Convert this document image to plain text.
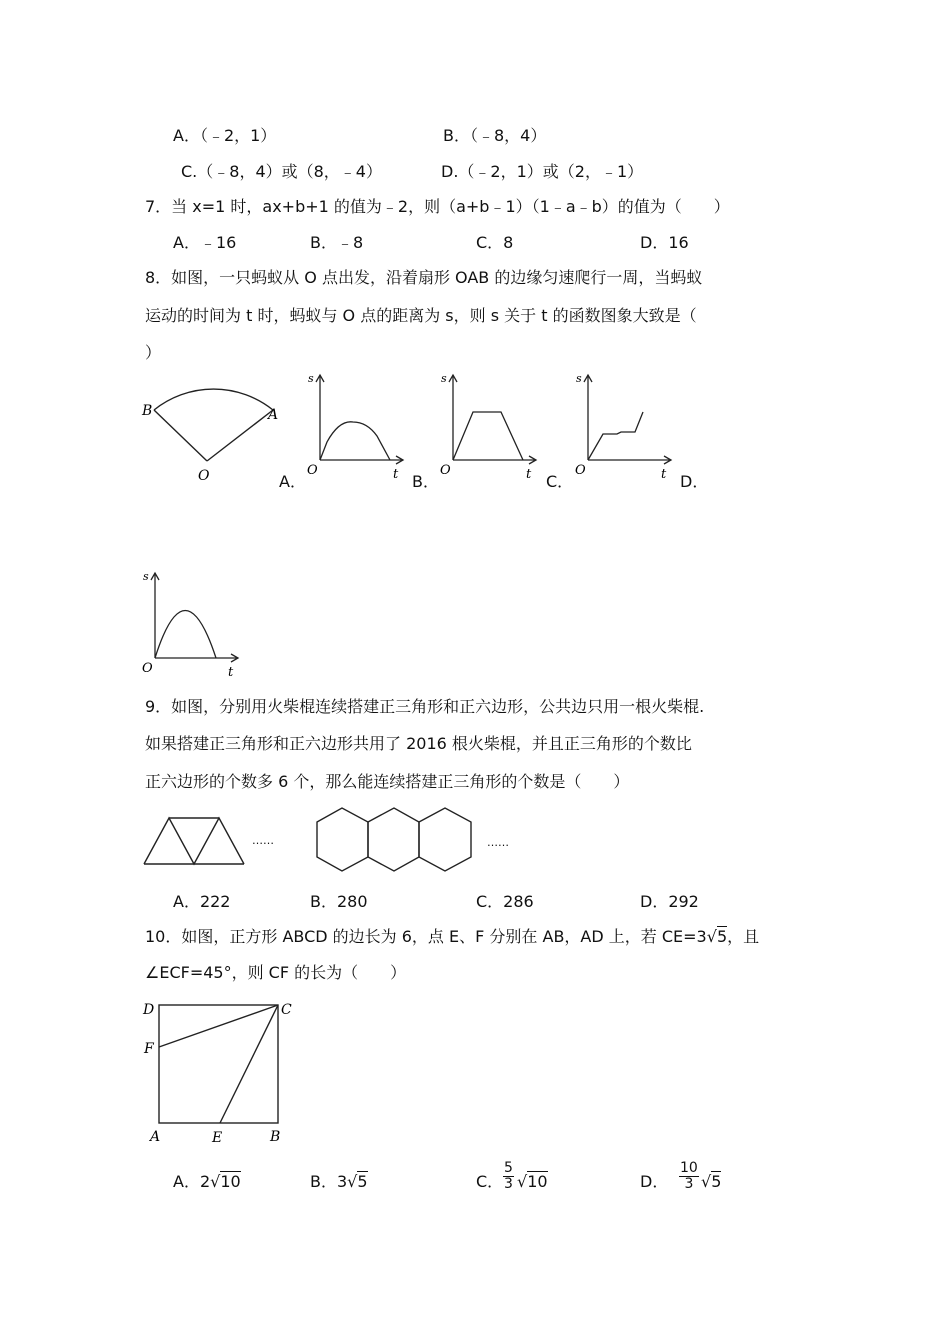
A．（﹣2，1）	B．（﹣8，4）
C.（﹣8，4）或（8，﹣4）	D.（﹣2，1）或（2，﹣1）
7．当 x=1 时，ax+b+1 的值为﹣2，则（a+b﹣1）（1﹣a﹣b）的值为（　　）
A．﹣16	B．﹣8	C．8	D．16
8．如图，一只蚂蚁从 O 点出发，沿着扇形 OAB 的边缘匀速爬行一周，当蚂蚁
运动的时间为 t 时，蚂蚁与 O 点的距离为 s，则 s 关于 t 的函数图象大致是（
）
B	A
O
s
O	t
A．
s
O	t
B．
s
O	t
C．	D．
s
O	t
9．如图，分别用火柴棍连续搭建正三角形和正六边形，公共边只用一根火柴棍.
如果搭建正三角形和正六边形共用了 2016 根火柴棍，并且正三角形的个数比
正六边形的个数多 6 个，那么能连续搭建正三角形的个数是（　　）
……	……
A．222	B．280	C．286	D．292
10．如图，正方形 ABCD 的边长为 6，点 E、F 分别在 AB，AD 上，若 CE=3√5，且
∠ECF=45°，则 CF 的长为（　　）
D	C
F
A	E	B
A．2√10	B．3√5	C． $\frac{5}{3} √10$	D． $\frac{10}{3} √5$
